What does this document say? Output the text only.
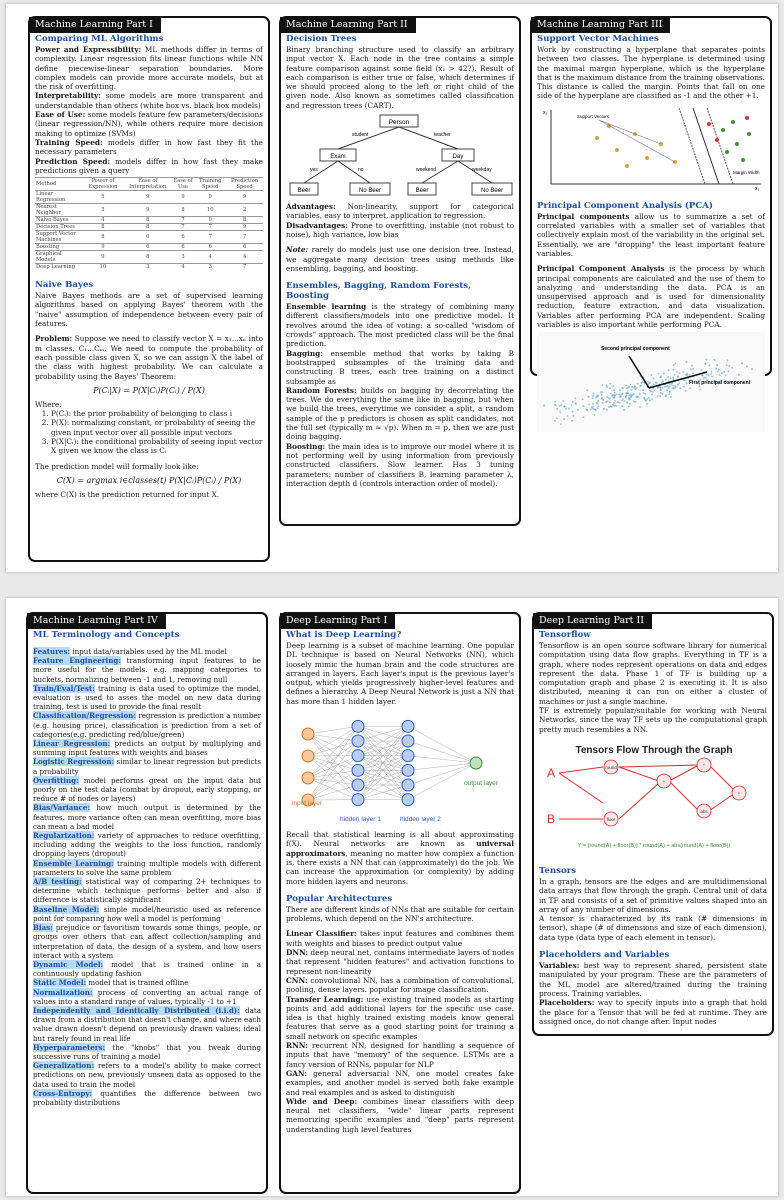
Machine Learning Part I
Comparing ML Algorithms
Power and Expressibility: ML methods differ in terms of complexity. Linear regression fits linear functions while NN define piecewise-linear separation boundaries. More complex models can provide more accurate models, but at the risk of overfitting.
Interpretability: some models are more transparent and understandable than others (white box vs. black box models)
Ease of Use: some models feature few parameters/decisions (linear regression/NN), while others require more decision making to optimize (SVMs)
Training Speed: models differ in how fast they fit the necessary parameters
Prediction Speed: models differ in how fast they make predictions given a query
Method	Power of Expression	Ease of Interpretation	Ease of Use	Training Speed	Prediction Speed
Linear Regression	5	9	9	9	9
Nearest Neighbor	5	9	8	10	2
Naive Bayes	4	8	7	9	8
Decision Trees	8	8	7	7	9
Support Vector Machines	8	6	6	7	7
Boosting	9	6	6	6	6
Graphical Models	9	8	3	4	4
Deep Learning	10	3	4	3	7
Naive Bayes
Naive Bayes methods are a set of supervised learning algorithms based on applying Bayes' theorem with the "naive" assumption of independence between every pair of features.
Problem: Suppose we need to classify vector X = x₁...xₙ into m classes, C₁...Cₘ. We need to compute the probability of each possible class given X, so we can assign X the label of the class with highest probability. We can calculate a probability using the Bayes' Theorem:
P(Cᵢ|X) = P(X|Cᵢ)P(Cᵢ) / P(X)
Where:
1. P(Cᵢ): the prior probability of belonging to class i
2. P(X): normalizing constant, or probability of seeing the given input vector over all possible input vectors
3. P(X|Cᵢ): the conditional probability of seeing input vector X given we know the class is Cᵢ
The prediction model will formally look like:
C(X) = argmax i∈classes(t) P(X|Cᵢ)P(Cᵢ) / P(X)
where C(X) is the prediction returned for input X.
Machine Learning Part II
Decision Trees
Binary branching structure used to classify an arbitrary input vector X. Each node in the tree contains a simple feature comparison against some field (x₁ > 42?). Result of each comparison is either true or false, which determines if we should proceed along to the left or right child of the given node. Also known as sometimes called classification and regression trees (CART).
Person
student	teacher
Exam	Day
yes	no	weekend	weekday
Beer	No Beer	Beer	No Beer
Advantages: Non-linearity, support for categorical variables, easy to interpret, application to regression.
Disadvantages: Prone to overfitting, instable (not robust to noise), high variance, low bias
Note: rarely do models just use one decision tree. Instead, we aggregate many decision trees using methods like ensembling, bagging, and boosting.
Ensembles, Bagging, Random Forests, Boosting
Ensemble learning is the strategy of combining many different classifiers/models into one predictive model. It revolves around the idea of voting: a so-called "wisdom of crowds" approach. The most predicted class will be the final prediction.
Bagging: ensemble method that works by taking B bootstrapped subsamples of the training data and constructing B trees, each tree training on a distinct subsample as
Random Forests: builds on bagging by decorrelating the trees. We do everything the same like in bagging, but when we build the trees, everytime we consider a split, a random sample of the p predictors is chosen as split candidates, not the full set (typically m ≈ √p). When m = p, then we are just doing bagging.
Boosting: the main idea is to improve our model where it is not performing well by using information from previously constructed classifiers. Slow learner. Has 3 tuning parameters: number of classifiers B, learning parameter λ, interaction depth d (controls interaction order of model).
Machine Learning Part III
Support Vector Machines
Work by constructing a hyperplane that separates points between two classes. The hyperplane is determined using the maximal margin hyperplane, which is the hyperplane that is the maximum distance from the training observations. This distance is called the margin. Points that fall on one side of the hyperplane are classified as -1 and the other +1.
x₂
x₁
Support Vectors
Margin Width
Principal Component Analysis (PCA)
Principal components allow us to summarize a set of correlated variables with a smaller set of variables that collectively explain most of the variability in the original set. Essentially, we are "dropping" the least important feature variables.
Principal Component Analysis is the process by which principal components are calculated and the use of them to analyzing and understanding the data. PCA is an unsupervised approach and is used for dimensionality reduction, feature extraction, and data visualization. Variables after performing PCA are independent. Scaling variables is also important while performing PCA.
Second principal component
First principal component
Machine Learning Part IV
ML Terminology and Concepts
Features: input data/variables used by the ML model
Feature Engineering: transforming input features to be more useful for the models. e.g. mapping categories to buckets, normalizing between -1 and 1, removing null
Train/Eval/Test: training is data used to optimize the model, evaluation is used to asses the model on new data during training, test is used to provide the final result
Classification/Regression: regression is prediction a number (e.g. housing price), classification is prediction from a set of categories(e.g. predicting red/blue/green)
Linear Regression: predicts an output by multiplying and summing input features with weights and biases
Logistic Regression: similar to linear regression but predicts a probability
Overfitting: model performs great on the input data but poorly on the test data (combat by dropout, early stopping, or reduce # of nodes or layers)
Bias/Variance: how much output is determined by the features. more variance often can mean overfitting, more bias can mean a bad model
Regularization: variety of approaches to reduce overfitting, including adding the weights to the loss function, randomly dropping layers (dropout)
Ensemble Learning: training multiple models with different parameters to solve the same problem
A/B testing: statistical way of comparing 2+ techniques to determine which technique performs better and also if difference is statistically significant
Baseline Model: simple model/heuristic used as reference point for comparing how well a model is performing
Bias: prejudice or favoritism towards some things, people, or groups over others that can affect collection/sampling and interpretation of data, the design of a system, and how users interact with a system
Dynamic Model: model that is trained online in a continuously updating fashion
Static Model: model that is trained offline
Normalization: process of converting an actual range of values into a standard range of values, typically -1 to +1
Independently and Identically Distributed (i.i.d): data drawn from a distribution that doesn't change, and where each value drawn doesn't depend on previously drawn values; ideal but rarely found in real life
Hyperparameters: the "knobs" that you tweak during successive runs of training a model
Generalization: refers to a model's ability to make correct predictions on new, previously unseen data as opposed to the data used to train the model
Cross-Entropy: quantifies the difference between two probability distributions
Deep Learning Part I
What is Deep Learning?
Deep learning is a subset of machine learning. One popular DL technique is based on Neural Networks (NN), which loosely mimic the human brain and the code structures are arranged in layers. Each layer's input is the previous layer's output, which yields progressively higher-level features and defines a hierarchy. A Deep Neural Network is just a NN that has more than 1 hidden layer.
input layer
hidden layer 1	hidden layer 2
output layer
Recall that statistical learning is all about approximating f(X). Neural networks are known as universal approximators, meaning no matter how complex a function is, there exists a NN that can (approximately) do the job. We can increase the approximation (or complexity) by adding more hidden layers and neurons.
Popular Architectures
There are different kinds of NNs that are suitable for certain problems, which depend on the NN's architecture.
Linear Classifier: takes input features and combines them with weights and biases to predict output value
DNN: deep neural net, contains intermediate layers of nodes that represent "hidden features" and activation functions to represent non-linearity
CNN: convolutional NN, has a combination of convolutional, pooling, dense layers. popular for image classification.
Transfer Learning: use existing trained models as starting points and add additional layers for the specific use case. idea is that highly trained existing models know general features that serve as a good starting point for training a small network on specific examples
RNN: recurrent NN, designed for handling a sequence of inputs that have "memory" of the sequence. LSTMs are a fancy version of RNNs, popular for NLP
GAN: general adversarial NN, one model creates fake examples, and another model is served both fake example and real examples and is asked to distinguish
Wide and Deep: combines linear classifiers with deep neural net classifiers, "wide" linear parts represent memorizing specific examples and "deep" parts represent understanding high level features
Deep Learning Part II
Tensorflow
Tensorflow is an open source software library for numerical computation using data flow graphs. Everything in TF is a graph, where nodes represent operations on data and edges represent the data. Phase 1 of TF is building up a computation graph and phase 2 is executing it. It is also distributed, meaning it can run on either a cluster of machines or just a single machine.
TF is extremely popular/suitable for working with Neural Networks, since the way TF sets up the computational graph pretty much resembles a NN.
Tensors Flow Through the Graph
A
B
round
floor
+
*
abs
+
Y = (round(A) + floor(B)) * round(A) + abs(round(A) + floor(B))
Tensors
In a graph, tensors are the edges and are multidimensional data arrays that flow through the graph. Central unit of data in TF and consists of a set of primitive values shaped into an array of any number of dimensions.
A tensor is characterized by its rank (# dimensions in tensor), shape (# of dimensions and size of each dimension), data type (data type of each element in tensor).
Placeholders and Variables
Variables: best way to represent shared, persistent state manipulated by your program. These are the parameters of the ML model are altered/trained during the training process. Training variables.
Placeholders: way to specify inputs into a graph that hold the place for a Tensor that will be fed at runtime. They are assigned once, do not change after. Input nodes
